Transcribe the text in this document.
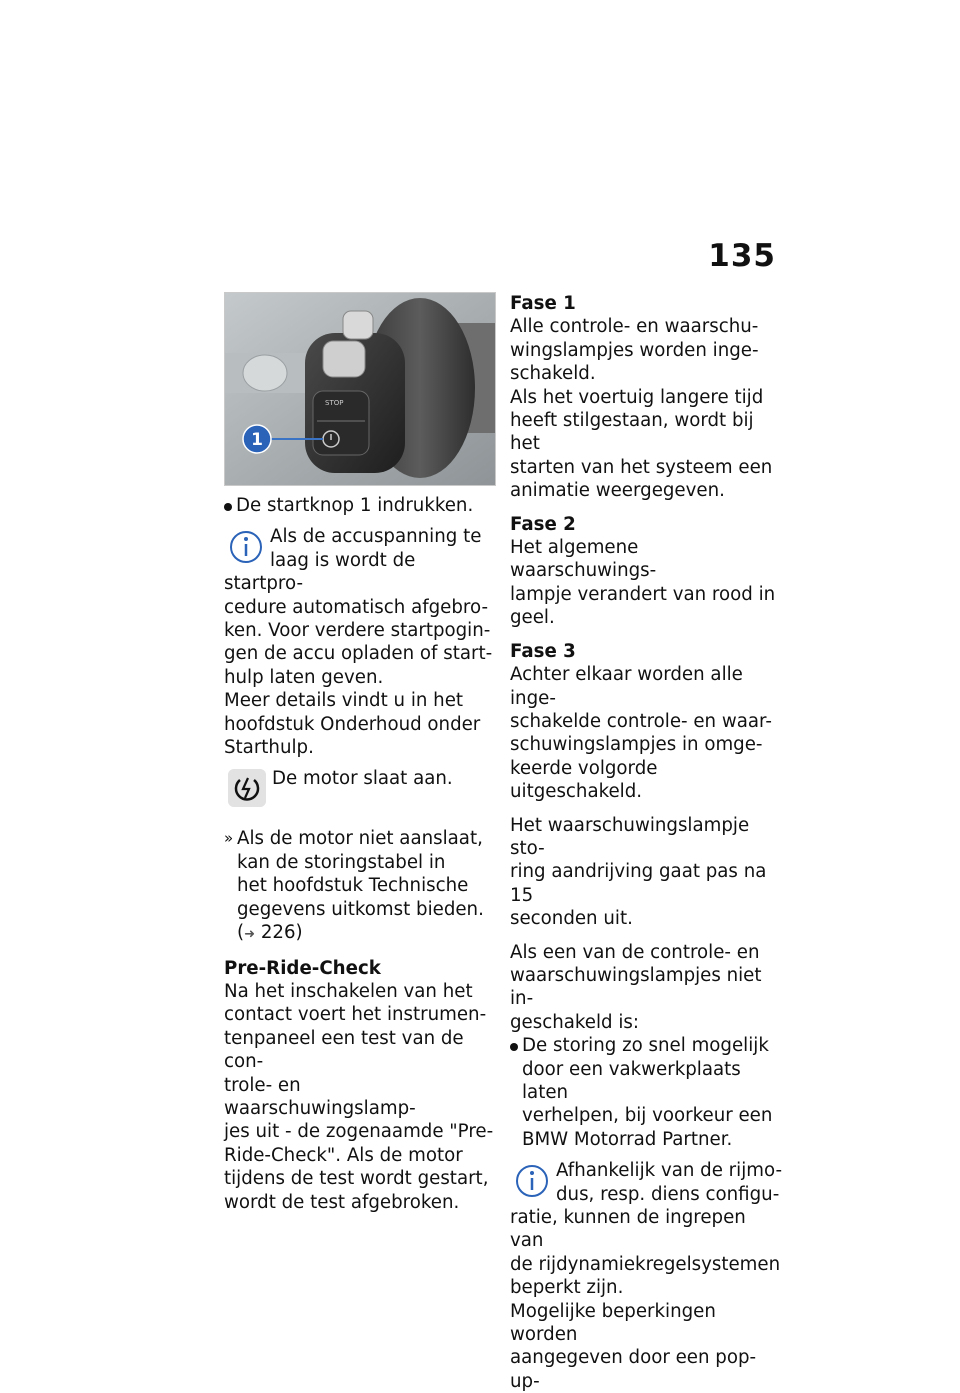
135
STOP
1

De startknop 1 indrukken.

Als de accuspanning te
laag is wordt de startpro-
cedure automatisch afgebro-
ken. Voor verdere startpogin-
gen de accu opladen of start-
hulp laten geven.
Meer details vindt u in het
hoofdstuk Onderhoud onder
Starthulp.
De motor slaat aan.
» Als de motor niet aanslaat,
kan de storingstabel in
het hoofdstuk Technische
gegevens uitkomst bieden.
(➜ 226)

Pre-Ride-Check

Na het inschakelen van het
contact voert het instrumen-
tenpaneel een test van de con-
trole- en waarschuwingslamp-
jes uit - de zogenaamde "Pre-
Ride-Check". Als de motor
tijdens de test wordt gestart,
wordt de test afgebroken.

Fase 1

Alle controle- en waarschu-
wingslampjes worden inge-
schakeld.
Als het voertuig langere tijd
heeft stilgestaan, wordt bij het
starten van het systeem een
animatie weergegeven.

Fase 2

Het algemene waarschuwings-
lampje verandert van rood in
geel.

Fase 3

Achter elkaar worden alle inge-
schakelde controle- en waar-
schuwingslampjes in omge-
keerde volgorde uitgeschakeld.
Het waarschuwingslampje sto-
ring aandrijving gaat pas na 15
seconden uit.
Als een van de controle- en
waarschuwingslampjes niet in-
geschakeld is:
De storing zo snel mogelijk
door een vakwerkplaats laten
verhelpen, bij voorkeur een
BMW Motorrad Partner.
Afhankelijk van de rijmo-
dus, resp. diens configu-
ratie, kunnen de ingrepen van
de rijdynamiekregelsystemen
beperkt zijn.
Mogelijke beperkingen worden
aangegeven door een pop-up-
